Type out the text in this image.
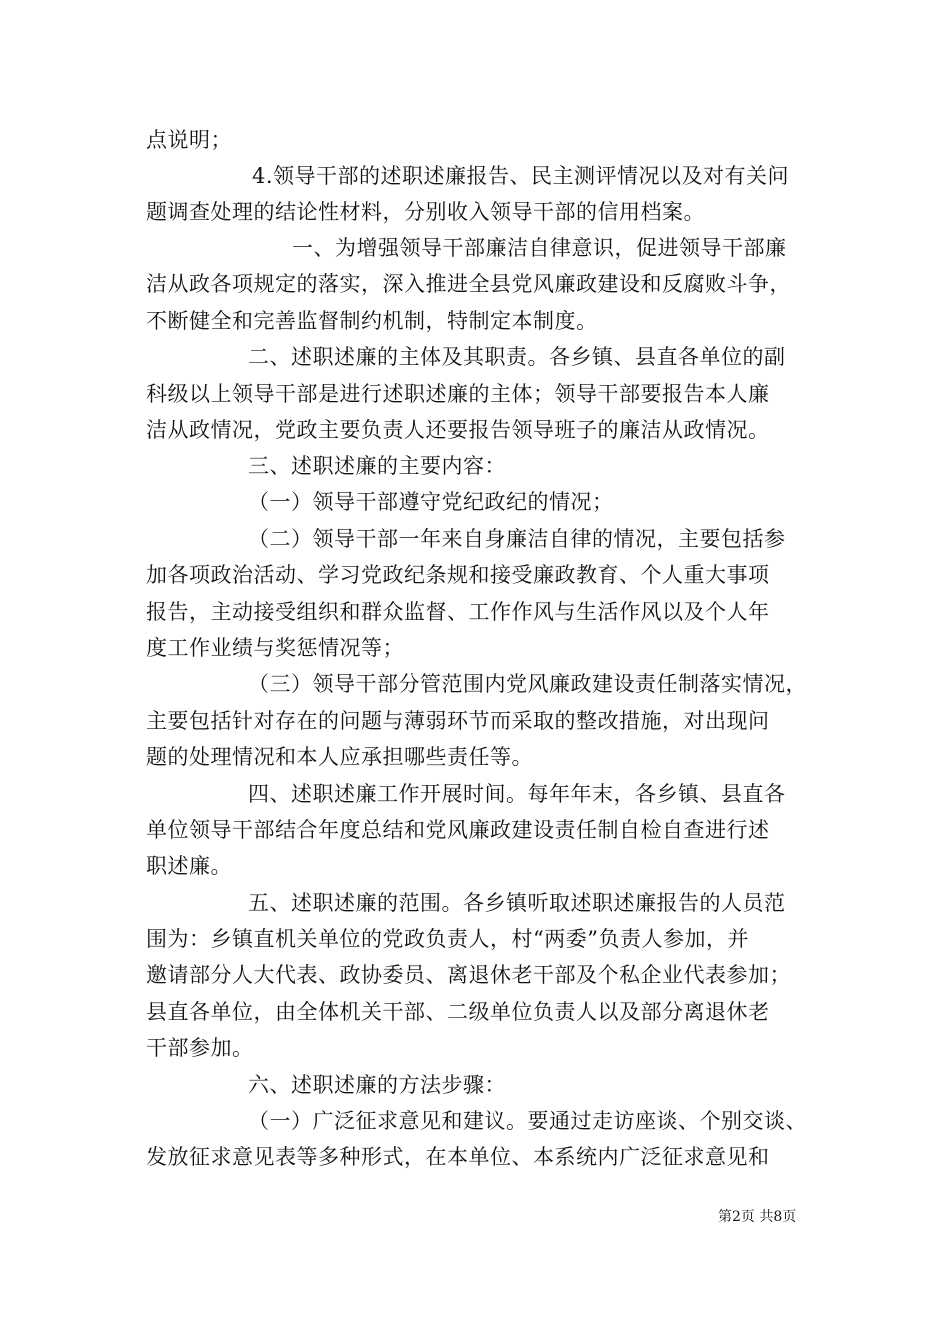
点说明；
4.领导干部的述职述廉报告、民主测评情况以及对有关问
题调查处理的结论性材料，分别收入领导干部的信用档案。
一、为增强领导干部廉洁自律意识，促进领导干部廉
洁从政各项规定的落实，深入推进全县党风廉政建设和反腐败斗争，
不断健全和完善监督制约机制，特制定本制度。
二、述职述廉的主体及其职责。各乡镇、县直各单位的副
科级以上领导干部是进行述职述廉的主体；领导干部要报告本人廉
洁从政情况，党政主要负责人还要报告领导班子的廉洁从政情况。
三、述职述廉的主要内容：
（一）领导干部遵守党纪政纪的情况；
（二）领导干部一年来自身廉洁自律的情况，主要包括参
加各项政治活动、学习党政纪条规和接受廉政教育、个人重大事项
报告，主动接受组织和群众监督、工作作风与生活作风以及个人年
度工作业绩与奖惩情况等；
（三）领导干部分管范围内党风廉政建设责任制落实情况，
主要包括针对存在的问题与薄弱环节而采取的整改措施，对出现问
题的处理情况和本人应承担哪些责任等。
四、述职述廉工作开展时间。每年年末，各乡镇、县直各
单位领导干部结合年度总结和党风廉政建设责任制自检自查进行述
职述廉。
五、述职述廉的范围。各乡镇听取述职述廉报告的人员范
围为：乡镇直机关单位的党政负责人，村“两委”负责人参加，并
邀请部分人大代表、政协委员、离退休老干部及个私企业代表参加；
县直各单位，由全体机关干部、二级单位负责人以及部分离退休老
干部参加。
六、述职述廉的方法步骤：
（一）广泛征求意见和建议。要通过走访座谈、个别交谈、
发放征求意见表等多种形式，在本单位、本系统内广泛征求意见和
第2页 共8页
